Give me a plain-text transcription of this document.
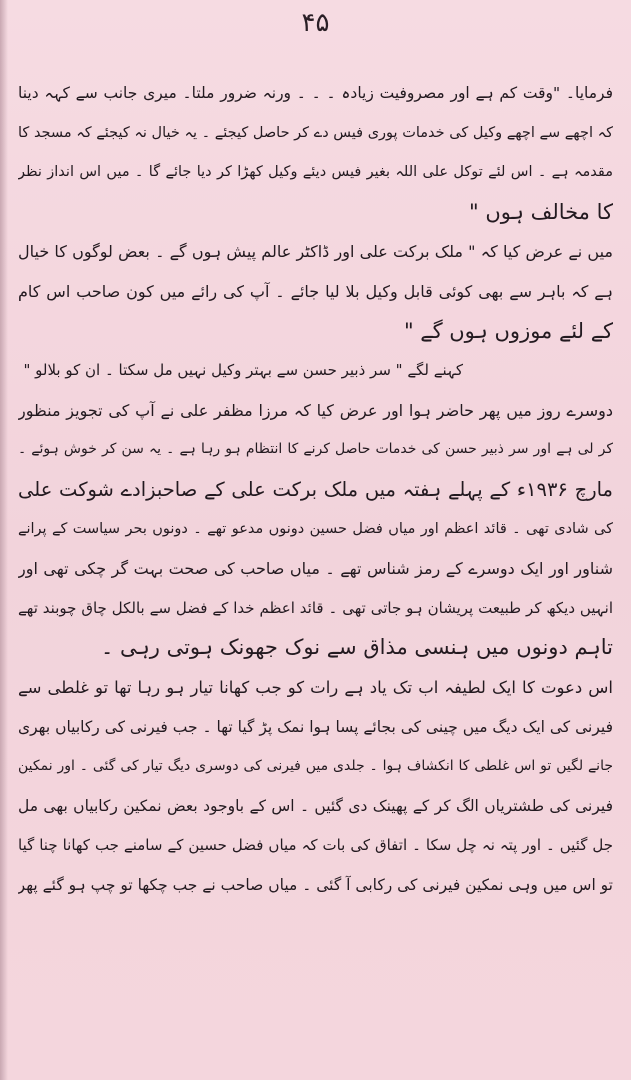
۴۵
فرمایا۔ "وقت کم ہے اور مصروفیت زیادہ ۔ ۔ ۔ ورنہ ضرور ملتا۔ میری جانب سے کہہ دینا
کہ اچھے سے اچھے وکیل کی خدمات پوری فیس دے کر حاصل کیجئے ۔ یہ خیال نہ کیجئے کہ مسجد کا
مقدمہ ہے ۔ اس لئے توکل علی اللہ بغیر فیس دیئے وکیل کھڑا کر دیا جائے گا ۔ میں اس انداز نظر
کا مخالف ہوں "
میں نے عرض کیا کہ " ملک برکت علی اور ڈاکٹر عالم پیش ہوں گے ۔ بعض لوگوں کا خیال
ہے کہ باہر سے بھی کوئی قابل وکیل بلا لیا جائے ۔ آپ کی رائے میں کون صاحب اس کام
کے لئے موزوں ہوں گے "
کہنے لگے " سر ذبیر حسن سے بہتر وکیل نہیں مل سکتا ۔ ان کو بلالو "
دوسرے روز میں پھر حاضر ہوا اور عرض کیا کہ مرزا مظفر علی نے آپ کی تجویز منظور
کر لی ہے اور سر ذبیر حسن کی خدمات حاصل کرنے کا انتظام ہو رہا ہے ۔ یہ سن کر خوش ہوئے ۔
مارچ ۱۹۳۶ء کے پہلے ہفتہ میں ملک برکت علی کے صاحبزادے شوکت علی
کی شادی تھی ۔ قائد اعظم اور میاں فضل حسین دونوں مدعو تھے ۔ دونوں بحر سیاست کے پرانے
شناور اور ایک دوسرے کے رمز شناس تھے ۔ میاں صاحب کی صحت بہت گر چکی تھی اور
انہیں دیکھ کر طبیعت پریشان ہو جاتی تھی ۔ قائد اعظم خدا کے فضل سے بالکل چاق چوبند تھے
تاہم دونوں میں ہنسی مذاق سے نوک جھونک ہوتی رہی ۔
اس دعوت کا ایک لطیفہ اب تک یاد ہے رات کو جب کھانا تیار ہو رہا تھا تو غلطی سے
فیرنی کی ایک دیگ میں چینی کی بجائے پسا ہوا نمک پڑ گیا تھا ۔ جب فیرنی کی رکابیاں بھری
جانے لگیں تو اس غلطی کا انکشاف ہوا ۔ جلدی میں فیرنی کی دوسری دیگ تیار کی گئی ۔ اور نمکین
فیرنی کی طشتریاں الگ کر کے پھینک دی گئیں ۔ اس کے باوجود بعض نمکین رکابیاں بھی مل
جل گئیں ۔ اور پتہ نہ چل سکا ۔ اتفاق کی بات کہ میاں فضل حسین کے سامنے جب کھانا چنا گیا
تو اس میں وہی نمکین فیرنی کی رکابی آ گئی ۔ میاں صاحب نے جب چکھا تو چپ ہو گئے پھر
